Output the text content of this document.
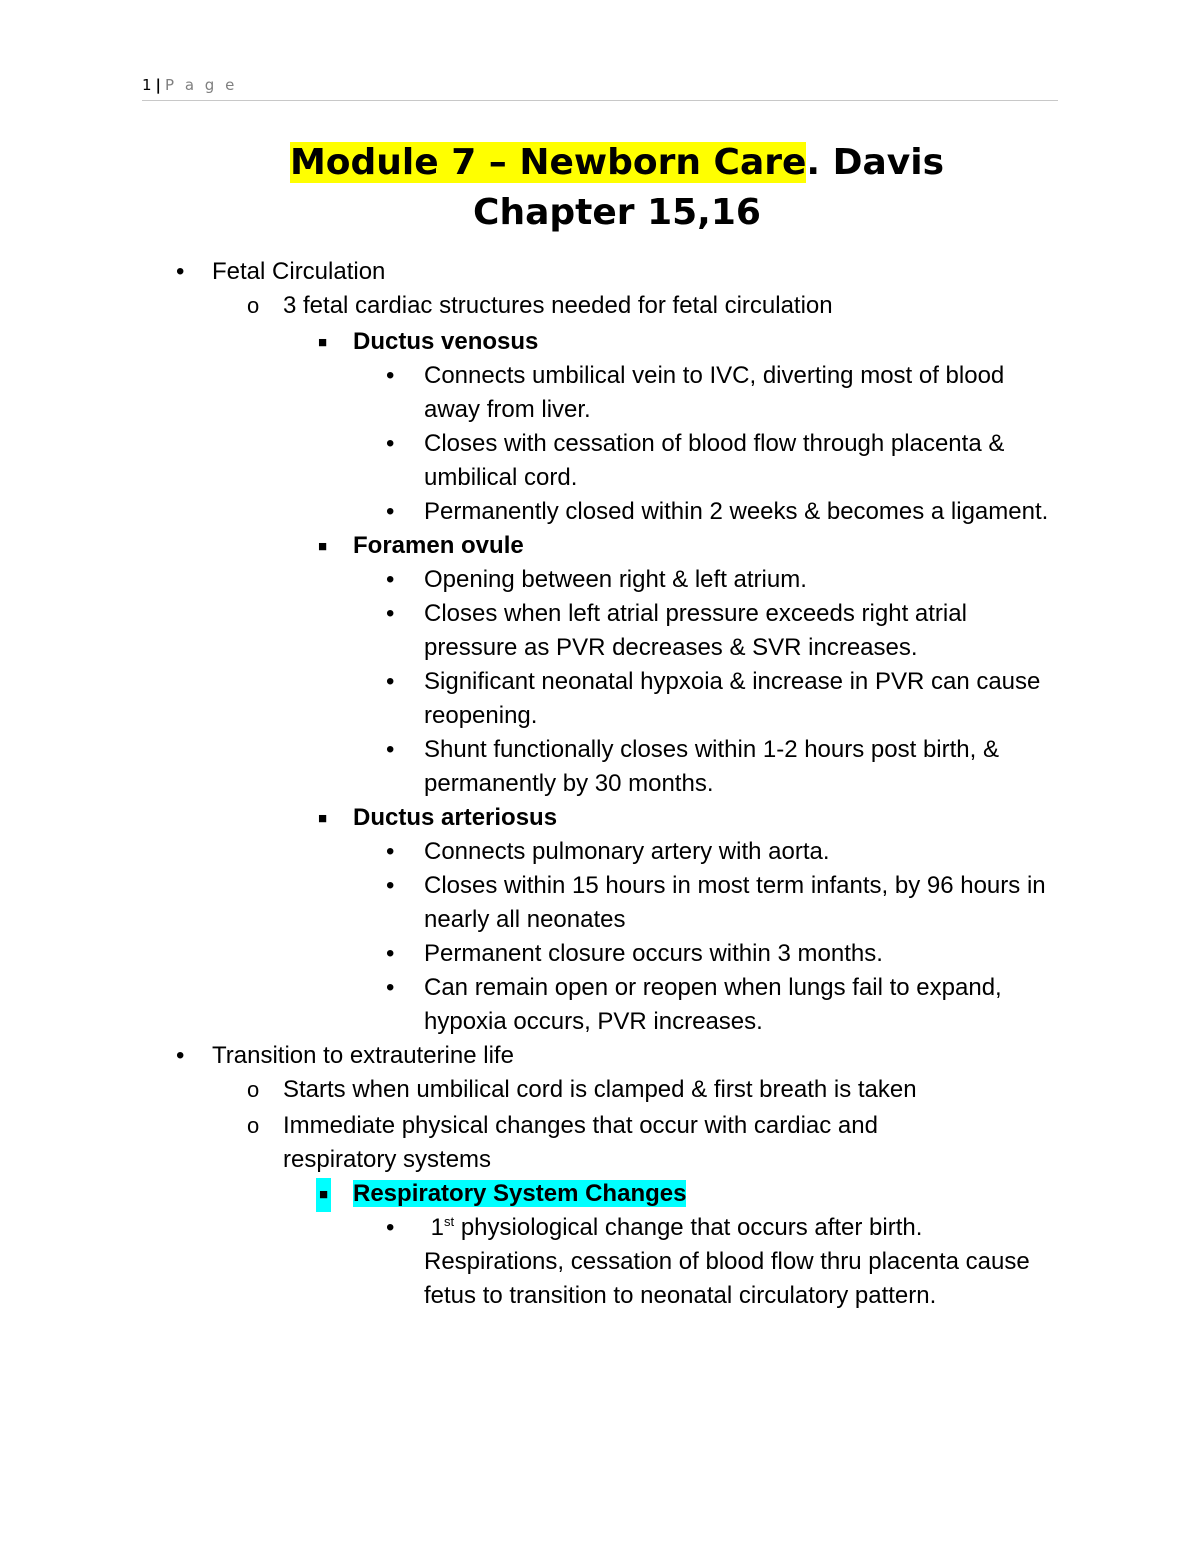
1 | P a g e
Module 7 – Newborn Care. Davis
Chapter 15,16
• Fetal Circulation
o 3 fetal cardiac structures needed for fetal circulation
■ Ductus venosus
• Connects umbilical vein to IVC, diverting most of blood away from liver.
• Closes with cessation of blood flow through placenta & umbilical cord.
• Permanently closed within 2 weeks & becomes a ligament.
■ Foramen ovule
• Opening between right & left atrium.
• Closes when left atrial pressure exceeds right atrial pressure as PVR decreases & SVR increases.
• Significant neonatal hypxoia & increase in PVR can cause reopening.
• Shunt functionally closes within 1-2 hours post birth, & permanently by 30 months.
■ Ductus arteriosus
• Connects pulmonary artery with aorta.
• Closes within 15 hours in most term infants, by 96 hours in nearly all neonates
• Permanent closure occurs within 3 months.
• Can remain open or reopen when lungs fail to expand, hypoxia occurs, PVR increases.
• Transition to extrauterine life
o Starts when umbilical cord is clamped & first breath is taken
o Immediate physical changes that occur with cardiac and respiratory systems
■ Respiratory System Changes
• 1st physiological change that occurs after birth. Respirations, cessation of blood flow thru placenta cause fetus to transition to neonatal circulatory pattern.
